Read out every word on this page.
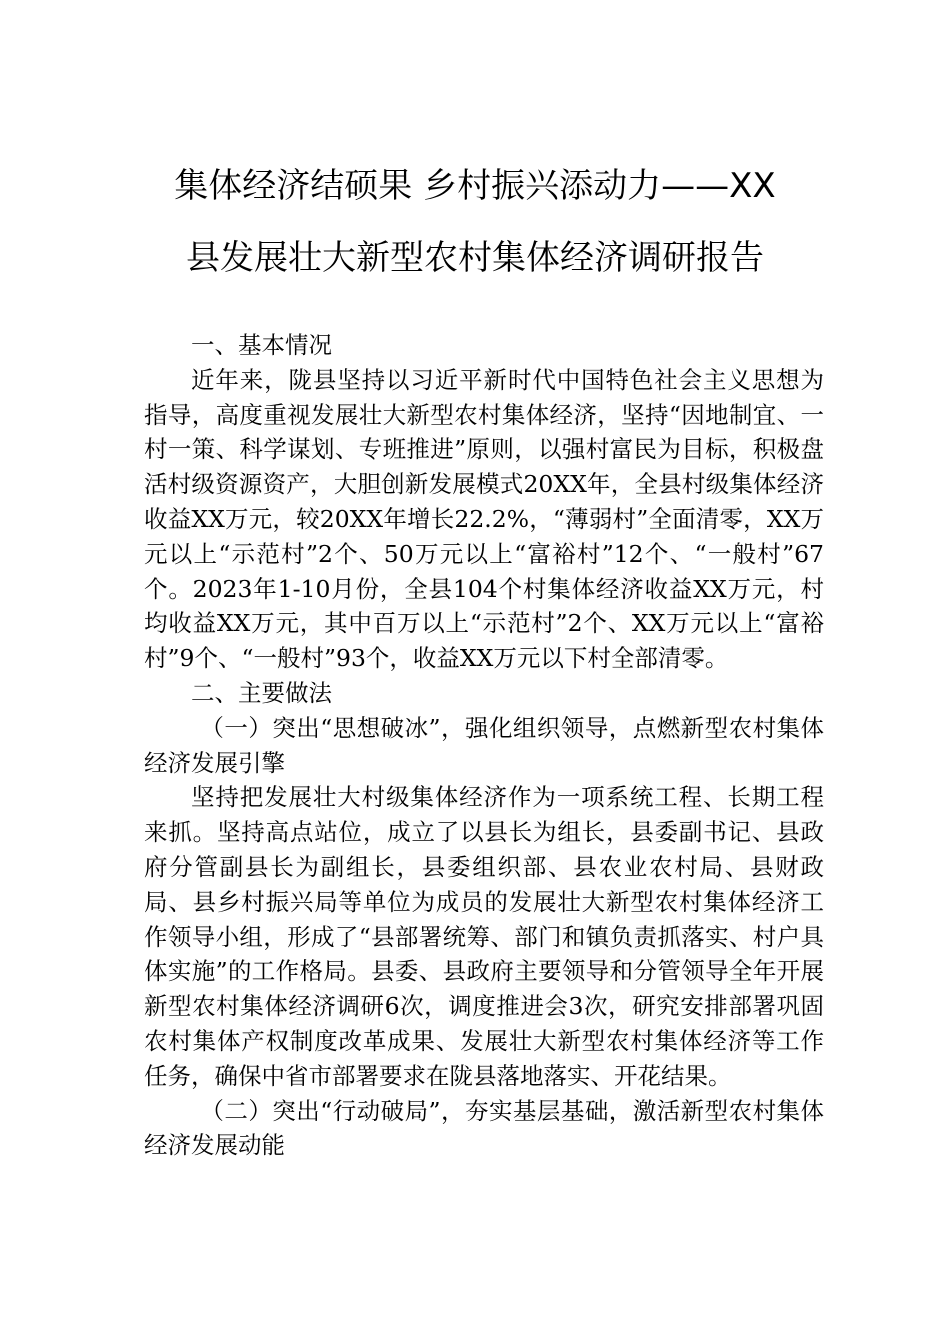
集体经济结硕果 乡村振兴添动力——XX
县发展壮大新型农村集体经济调研报告

一、基本情况

近年来，陇县坚持以习近平新时代中国特色社会主义思想为指导，高度重视发展壮大新型农村集体经济，坚持“因地制宜、一村一策、科学谋划、专班推进”原则，以强村富民为目标，积极盘活村级资源资产，大胆创新发展模式20XX年，全县村级集体经济收益XX万元，较20XX年增长22.2%，“薄弱村”全面清零，XX万元以上“示范村”2个、50万元以上“富裕村”12个、“一般村”67个。2023年1-10月份，全县104个村集体经济收益XX万元，村均收益XX万元，其中百万以上“示范村”2个、XX万元以上“富裕村”9个、“一般村”93个，收益XX万元以下村全部清零。

二、主要做法

（一）突出“思想破冰”，强化组织领导，点燃新型农村集体经济发展引擎

坚持把发展壮大村级集体经济作为一项系统工程、长期工程来抓。坚持高点站位，成立了以县长为组长，县委副书记、县政府分管副县长为副组长，县委组织部、县农业农村局、县财政局、县乡村振兴局等单位为成员的发展壮大新型农村集体经济工作领导小组，形成了“县部署统筹、部门和镇负责抓落实、村户具体实施”的工作格局。县委、县政府主要领导和分管领导全年开展新型农村集体经济调研6次，调度推进会3次，研究安排部署巩固农村集体产权制度改革成果、发展壮大新型农村集体经济等工作任务，确保中省市部署要求在陇县落地落实、开花结果。

（二）突出“行动破局”，夯实基层基础，激活新型农村集体经济发展动能
